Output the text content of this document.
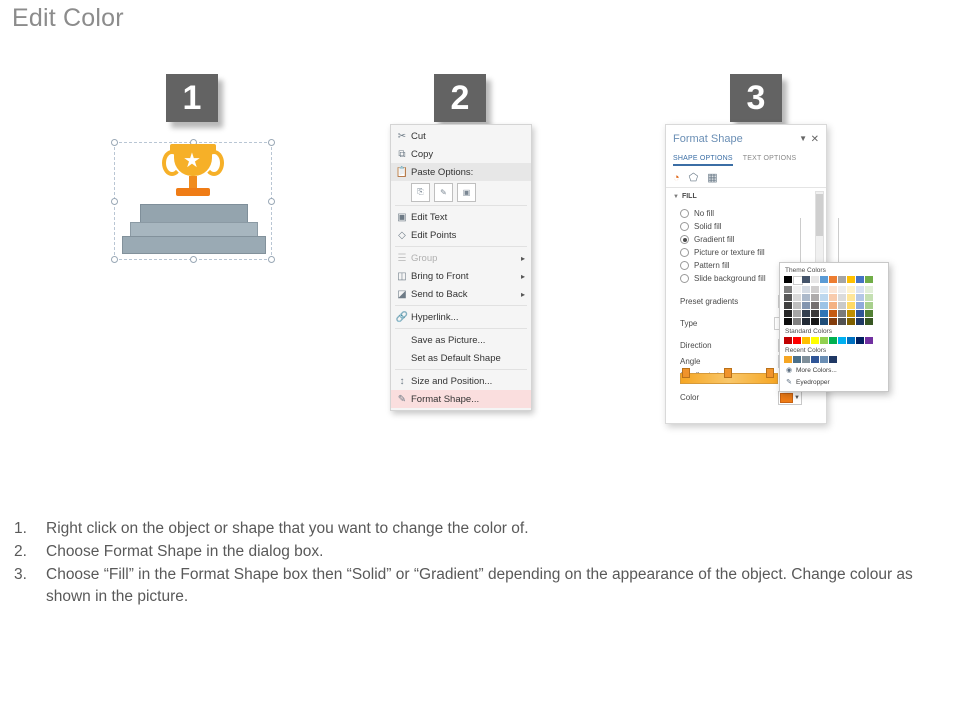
Edit Color
1	2	3
★
✂ Cut
⧉ Copy
📋 Paste Options:
⎘	✎	▣
▣ Edit Text
◇ Edit Points
☰ Group	▸
◫ Bring to Front	▸
◪ Send to Back	▸
🔗 Hyperlink...
Save as Picture...
Set as Default Shape
↕ Size and Position...
✎ Format Shape...
Format Shape	▼ ✕
SHAPE OPTIONS TEXT OPTIONS
◔ ⬠ ▦
▼ FILL
No fill
Solid fill
Gradient fill
Picture or texture fill
Pattern fill
Slide background fill
Preset gradients
Type
Direction
Angle
Color	▼
Theme Colors
Standard Colors
Recent Colors
◉ More Colors...
✎ Eyedropper
1.	Right click on the object or shape that you want to change the color of.
2.	Choose Format Shape in the dialog box.
3.	Choose “Fill” in the Format Shape box then “Solid” or “Gradient” depending on the appearance of the object. Change colour as shown in the picture.
